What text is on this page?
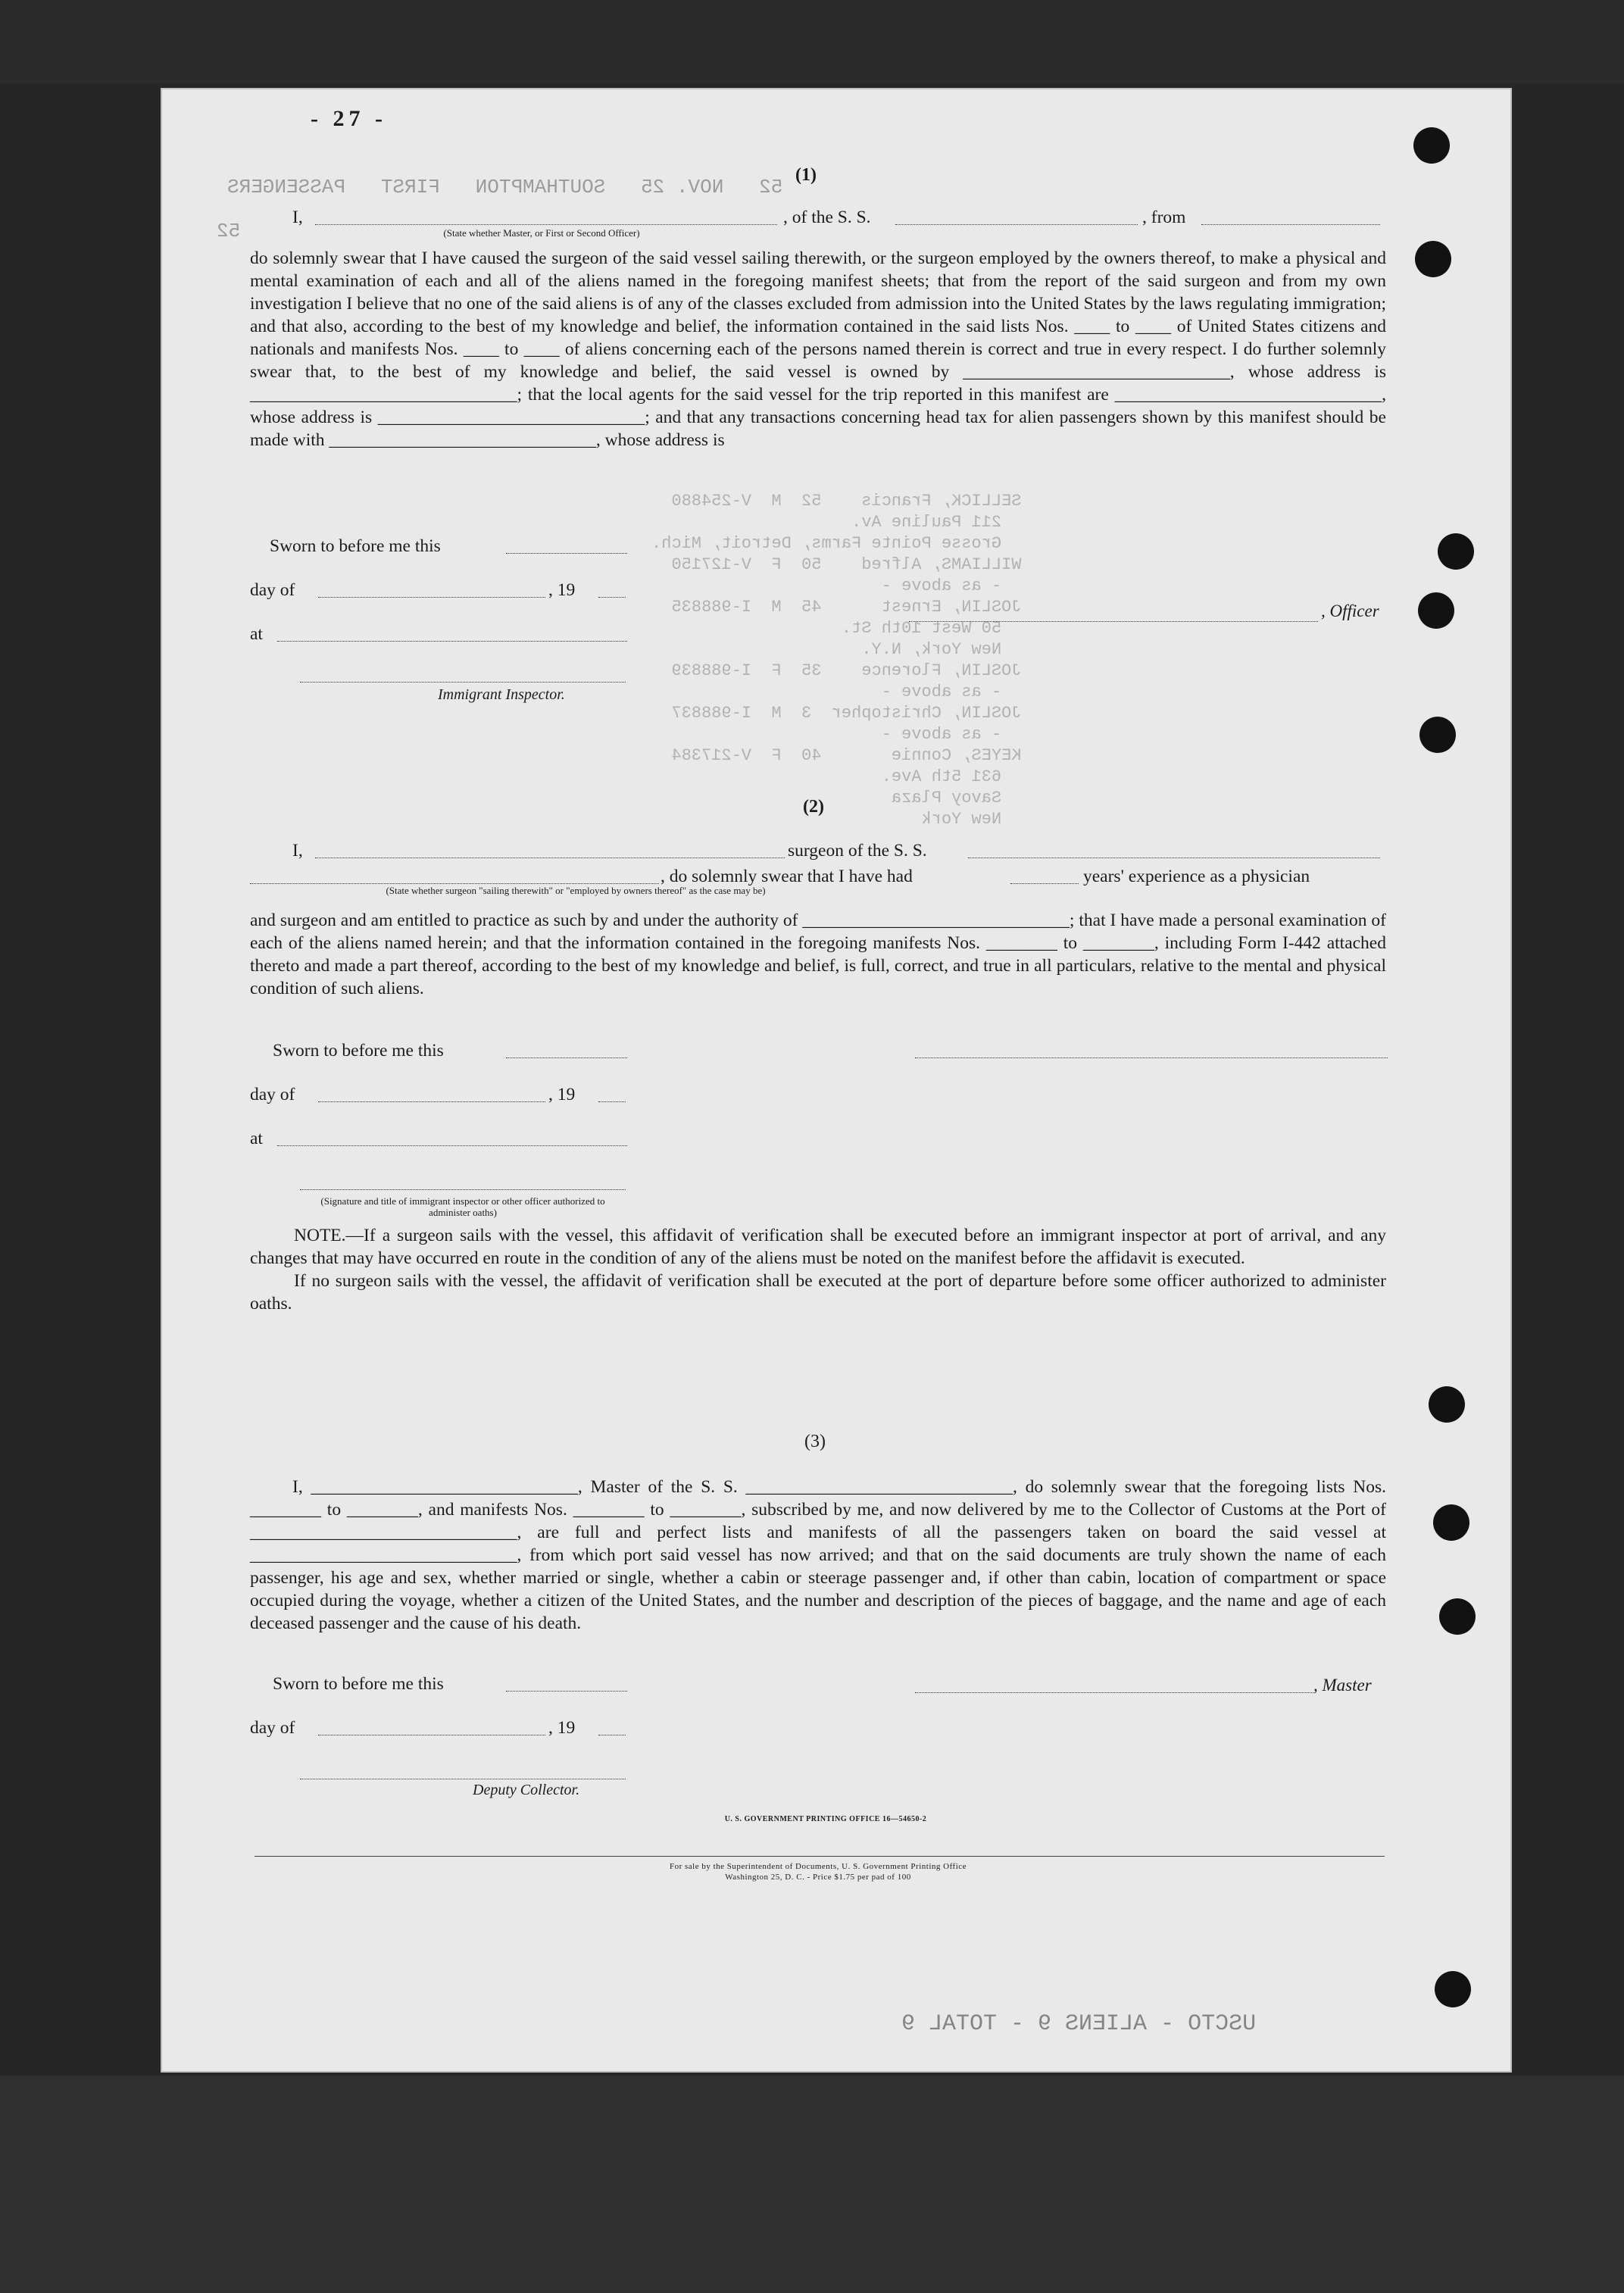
52   NOV. 25   SOUTHAMPTON   FIRST   PASSENGERS
52
USCTO - ALIENS 9 - TOTAL 9
- 27 -
(1)
I,	, of the S. S.	, from
(State whether Master, or First or Second Officer)

do solemnly swear that I have caused the surgeon of the said vessel sailing therewith, or the surgeon employed by the owners thereof, to make a physical and mental examination of each and all of the aliens named in the foregoing manifest sheets; that from the report of the said surgeon and from my own investigation I believe that no one of the said aliens is of any of the classes excluded from admission into the United States by the laws regulating immigration; and that also, according to the best of my knowledge and belief, the information contained in the said lists Nos. ____ to ____ of United States citizens and nationals and manifests Nos. ____ to ____ of aliens concerning each of the persons named therein is correct and true in every respect. I do further solemnly swear that, to the best of my knowledge and belief, the said vessel is owned by ______________________________, whose address is ______________________________; that the local agents for the said vessel for the trip reported in this manifest are ______________________________, whose address is ______________________________; and that any transactions concerning head tax for alien passengers shown by this manifest should be made with ______________________________, whose address is

Sworn to before me this
day of	, 19
at
, Officer
Immigrant Inspector.

SELLICK, Francis    52  M  V-254880
211 Pauline Av.
Grosse Pointe Farms, Detroit, Mich.
WILLIAMS, Alfred    50  F  V-127150
- as above -
JOSLIN, Ernest      45  M  I-988835
50 West 10th St.
New York, N.Y.
JOSLIN, Florence    35  F  I-988839
- as above -
JOSLIN, Christopher  3  M  I-988837
- as above -
KEYES, Connie       40  F  V-217384
631 5th Ave.
Savoy Plaza
New York

(2)
I,	surgeon of the S. S.
, do solemnly swear that I have had	years' experience as a physician
(State whether surgeon "sailing therewith" or "employed by owners thereof" as the case may be)

and surgeon and am entitled to practice as such by and under the authority of ______________________________; that I have made a personal examination of each of the aliens named herein; and that the information contained in the foregoing manifests Nos. ________ to ________, including Form I-442 attached thereto and made a part thereof, according to the best of my knowledge and belief, is full, correct, and true in all particulars, relative to the mental and physical condition of such aliens.

Sworn to before me this
day of	, 19
at
(Signature and title of immigrant inspector or other officer authorized to administer oaths)

NOTE.—If a surgeon sails with the vessel, this affidavit of verification shall be executed before an immigrant inspector at port of arrival, and any changes that may have occurred en route in the condition of any of the aliens must be noted on the manifest before the affidavit is executed.

If no surgeon sails with the vessel, the affidavit of verification shall be executed at the port of departure before some officer authorized to administer oaths.

(3)

I, ______________________________, Master of the S. S. ______________________________, do solemnly swear that the foregoing lists Nos. ________ to ________, and manifests Nos. ________ to ________, subscribed by me, and now delivered by me to the Collector of Customs at the Port of ______________________________, are full and perfect lists and manifests of all the passengers taken on board the said vessel at ______________________________, from which port said vessel has now arrived; and that on the said documents are truly shown the name of each passenger, his age and sex, whether married or single, whether a cabin or steerage passenger and, if other than cabin, location of compartment or space occupied during the voyage, whether a citizen of the United States, and the number and description of the pieces of baggage, and the name and age of each deceased passenger and the cause of his death.

Sworn to before me this	, Master
day of	, 19
Deputy Collector.
U. S. GOVERNMENT PRINTING OFFICE 16—54650-2
For sale by the Superintendent of Documents, U. S. Government Printing Office
Washington 25, D. C. - Price $1.75 per pad of 100
